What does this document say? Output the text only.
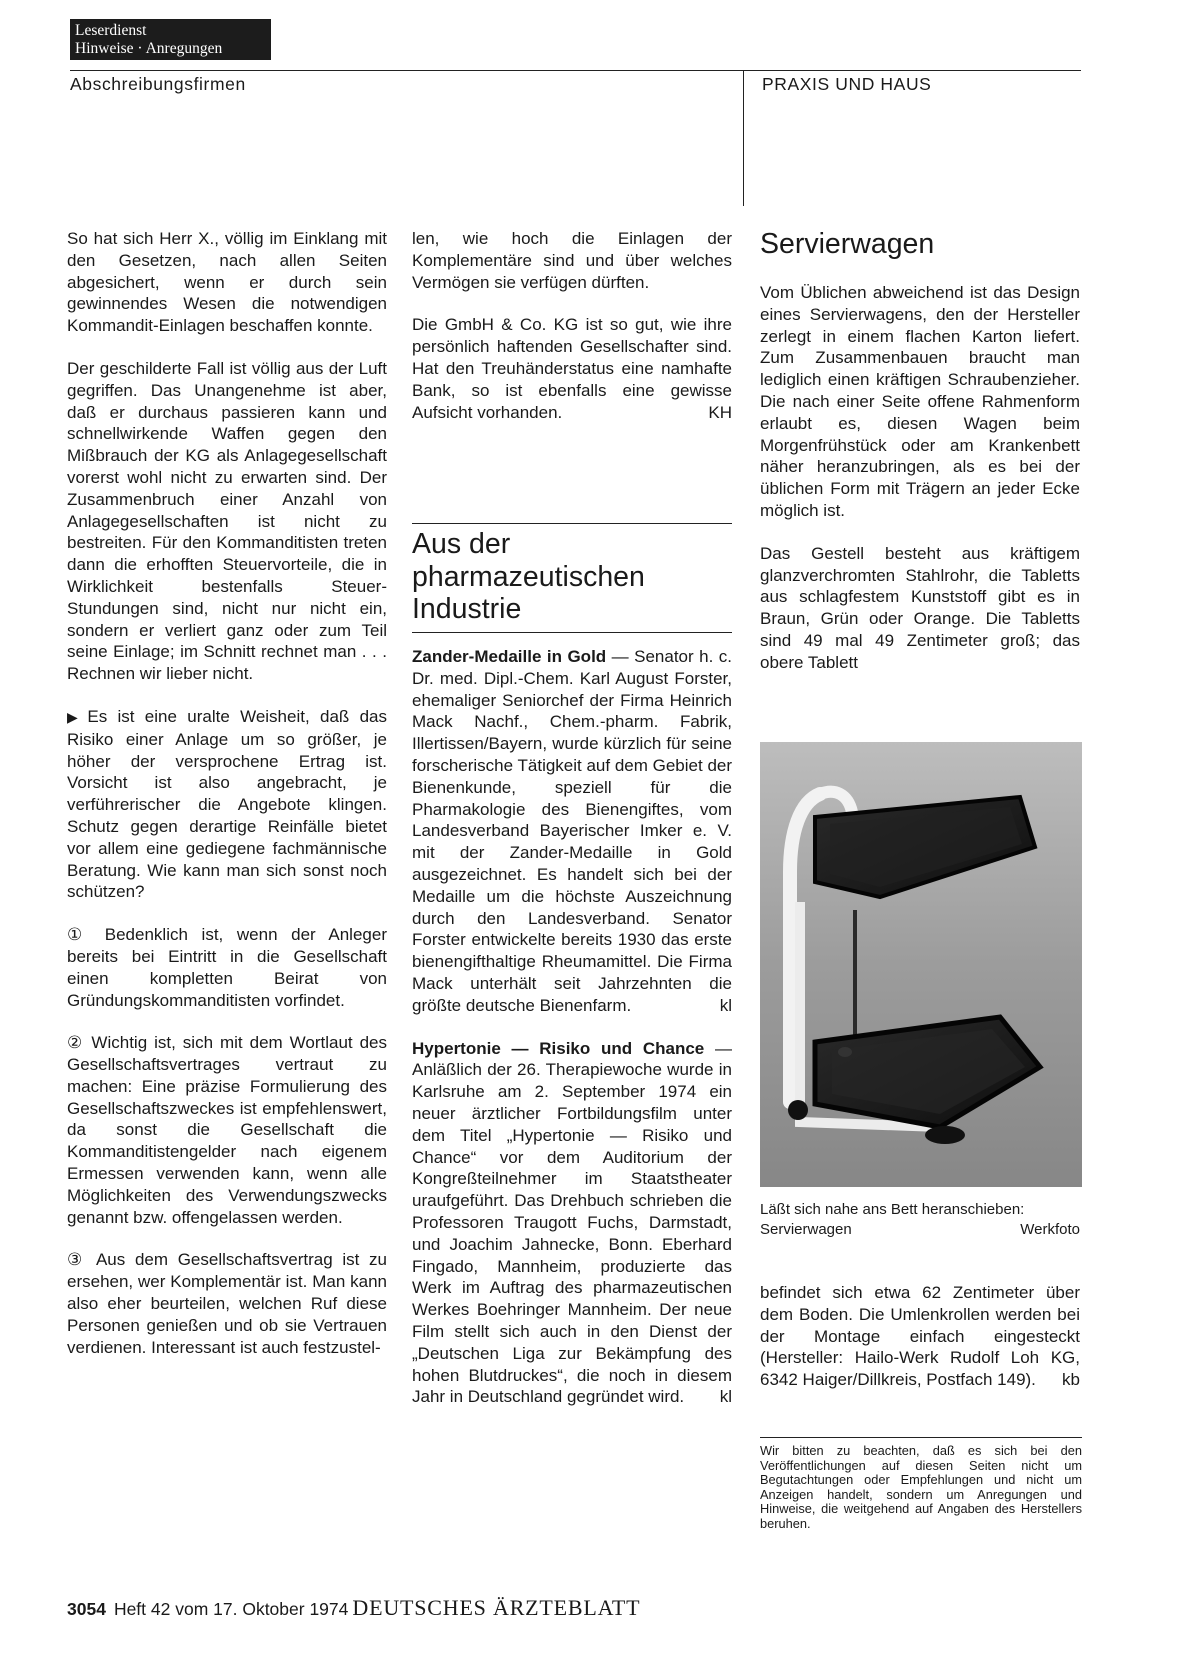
Leserdienst
Hinweise · Anregungen
Abschreibungsfirmen	PRAXIS UND HAUS

So hat sich Herr X., völlig im Einklang mit den Gesetzen, nach allen Seiten abgesichert, wenn er durch sein gewinnendes Wesen die notwendigen Kommandit-Einlagen beschaffen konnte.

Der geschilderte Fall ist völlig aus der Luft gegriffen. Das Unangenehme ist aber, daß er durchaus passieren kann und schnellwirkende Waffen gegen den Mißbrauch der KG als Anlagegesellschaft vorerst wohl nicht zu erwarten sind. Der Zusammenbruch einer Anzahl von Anlagegesellschaften ist nicht zu bestreiten. Für den Kommanditisten treten dann die erhofften Steuervorteile, die in Wirklichkeit bestenfalls Steuer-Stundungen sind, nicht nur nicht ein, sondern er verliert ganz oder zum Teil seine Einlage; im Schnitt rechnet man . . . Rechnen wir lieber nicht.

▶ Es ist eine uralte Weisheit, daß das Risiko einer Anlage um so größer, je höher der versprochene Ertrag ist. Vorsicht ist also angebracht, je verführerischer die Angebote klingen. Schutz gegen derartige Reinfälle bietet vor allem eine gediegene fachmännische Beratung. Wie kann man sich sonst noch schützen?

① Bedenklich ist, wenn der Anleger bereits bei Eintritt in die Gesellschaft einen kompletten Beirat von Gründungskommanditisten vorfindet.

② Wichtig ist, sich mit dem Wortlaut des Gesellschaftsvertrages vertraut zu machen: Eine präzise Formulierung des Gesellschaftszweckes ist empfehlenswert, da sonst die Gesellschaft die Kommanditistengelder nach eigenem Ermessen verwenden kann, wenn alle Möglichkeiten des Verwendungszwecks genannt bzw. offengelassen werden.

③ Aus dem Gesellschaftsvertrag ist zu ersehen, wer Komplementär ist. Man kann also eher beurteilen, welchen Ruf diese Personen genießen und ob sie Vertrauen verdienen. Interessant ist auch festzustel-

len, wie hoch die Einlagen der Komplementäre sind und über welches Vermögen sie verfügen dürften.

Die GmbH & Co. KG ist so gut, wie ihre persönlich haftenden Gesellschafter sind. Hat den Treuhänderstatus eine namhafte Bank, so ist ebenfalls eine gewisse Aufsicht vorhanden.	KH

Aus der pharmazeutischen Industrie

Zander-Medaille in Gold — Senator h. c. Dr. med. Dipl.-Chem. Karl August Forster, ehemaliger Seniorchef der Firma Heinrich Mack Nachf., Chem.-pharm. Fabrik, Illertissen/Bayern, wurde kürzlich für seine forscherische Tätigkeit auf dem Gebiet der Bienenkunde, speziell für die Pharmakologie des Bienengiftes, vom Landesverband Bayerischer Imker e. V. mit der Zander-Medaille in Gold ausgezeichnet. Es handelt sich bei der Medaille um die höchste Auszeichnung durch den Landesverband. Senator Forster entwickelte bereits 1930 das erste bienengifthaltige Rheumamittel. Die Firma Mack unterhält seit Jahrzehnten die größte deutsche Bienenfarm.	kl

Hypertonie — Risiko und Chance — Anläßlich der 26. Therapiewoche wurde in Karlsruhe am 2. September 1974 ein neuer ärztlicher Fortbildungsfilm unter dem Titel „Hypertonie — Risiko und Chance“ vor dem Auditorium der Kongreßteilnehmer im Staatstheater uraufgeführt. Das Drehbuch schrieben die Professoren Traugott Fuchs, Darmstadt, und Joachim Jahnecke, Bonn. Eberhard Fingado, Mannheim, produzierte das Werk im Auftrag des pharmazeutischen Werkes Boehringer Mannheim. Der neue Film stellt sich auch in den Dienst der „Deutschen Liga zur Bekämpfung des hohen Blutdruckes“, die noch in diesem Jahr in Deutschland gegründet wird. kl

Servierwagen

Vom Üblichen abweichend ist das Design eines Servierwagens, den der Hersteller zerlegt in einem flachen Karton liefert. Zum Zusammenbauen braucht man lediglich einen kräftigen Schraubenzieher. Die nach einer Seite offene Rahmenform erlaubt es, diesen Wagen beim Morgenfrühstück oder am Krankenbett näher heranzubringen, als es bei der üblichen Form mit Trägern an jeder Ecke möglich ist.

Das Gestell besteht aus kräftigem glanzverchromten Stahlrohr, die Tabletts aus schlagfestem Kunststoff gibt es in Braun, Grün oder Orange. Die Tabletts sind 49 mal 49 Zentimeter groß; das obere Tablett

Läßt sich nahe ans Bett heranschieben:
Servierwagen	Werkfoto

befindet sich etwa 62 Zentimeter über dem Boden. Die Umlenkrollen werden bei der Montage einfach eingesteckt (Hersteller: Hailo-Werk Rudolf Loh KG, 6342 Haiger/Dillkreis, Postfach 149). kb

Wir bitten zu beachten, daß es sich bei den Veröffentlichungen auf diesen Seiten nicht um Begutachtungen oder Empfehlungen und nicht um Anzeigen handelt, sondern um Anregungen und Hinweise, die weitgehend auf Angaben des Herstellers beruhen.
3054 Heft 42 vom 17. Oktober 1974 DEUTSCHES ÄRZTEBLATT
